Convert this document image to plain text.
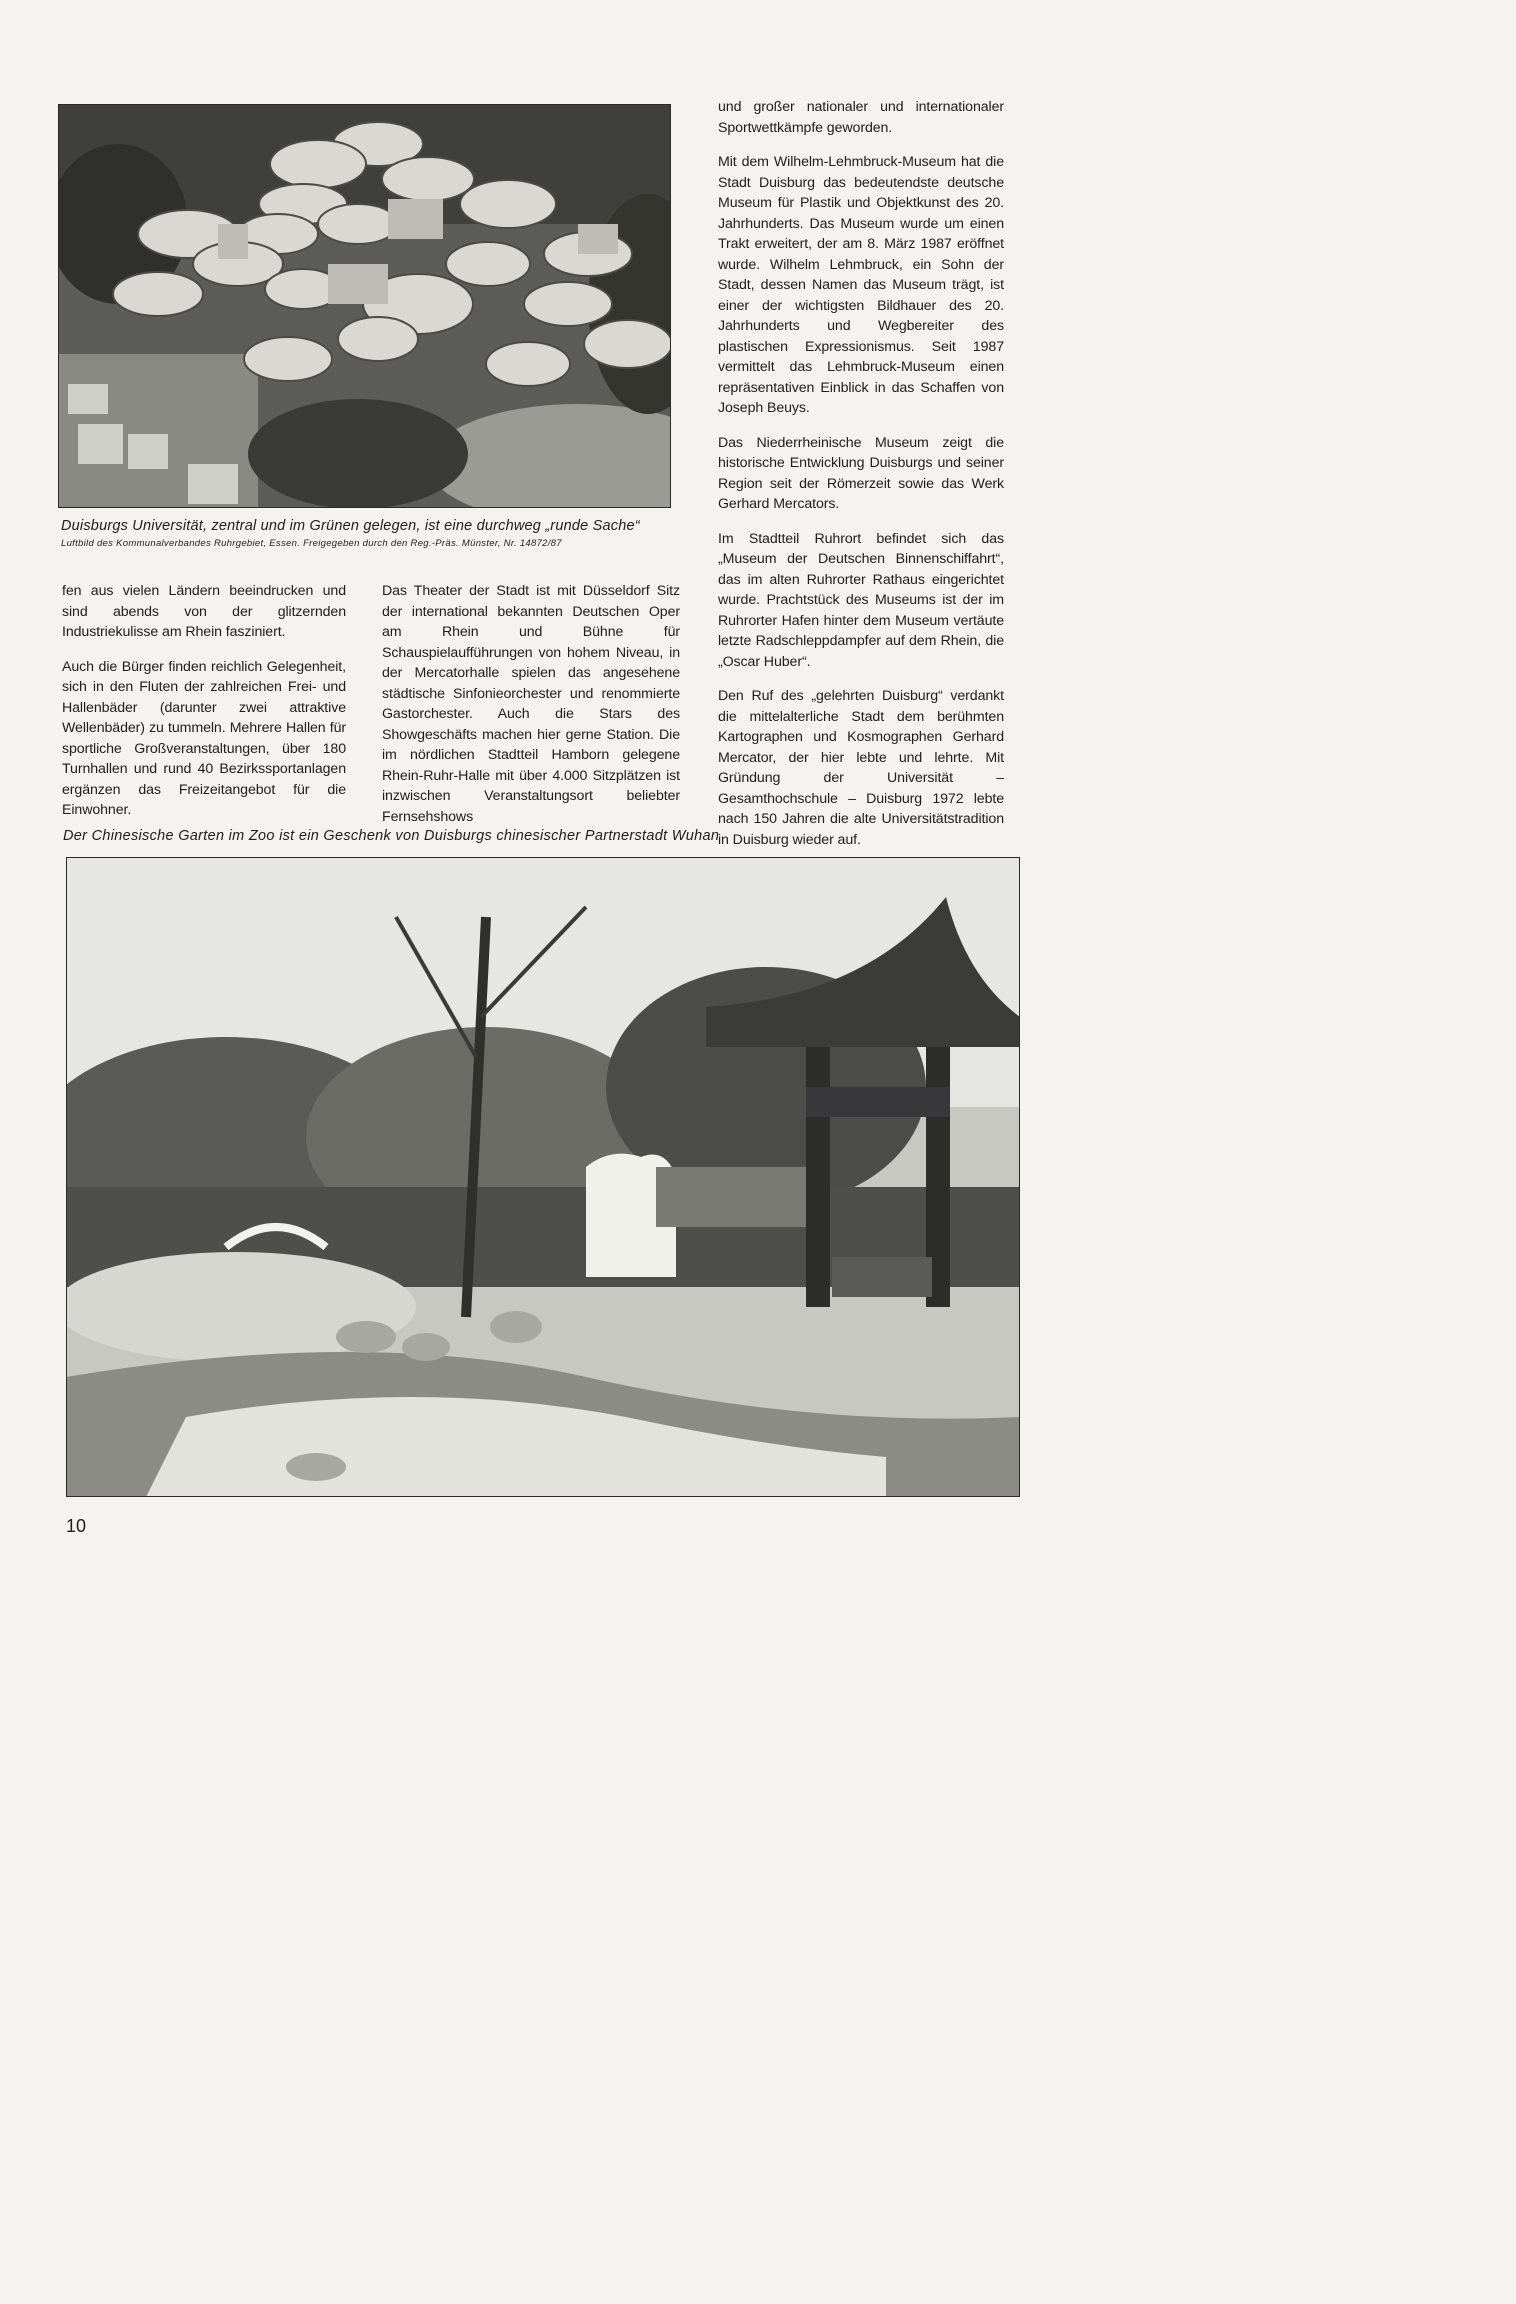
Duisburgs Universität, zentral und im Grünen gelegen, ist eine durchweg „runde Sache“
Luftbild des Kommunalverbandes Ruhrgebiet, Essen. Freigegeben durch den Reg.-Präs. Münster, Nr. 14872/87

fen aus vielen Ländern beeindrucken und sind abends von der glitzernden Industriekulisse am Rhein fasziniert.

Auch die Bürger finden reichlich Gelegenheit, sich in den Fluten der zahlreichen Frei- und Hallenbäder (darunter zwei attraktive Wellenbäder) zu tummeln. Mehrere Hallen für sportliche Großveranstaltungen, über 180 Turnhallen und rund 40 Bezirkssportanlagen ergänzen das Freizeitangebot für die Einwohner.

Das Theater der Stadt ist mit Düsseldorf Sitz der international bekannten Deutschen Oper am Rhein und Bühne für Schauspielaufführungen von hohem Niveau, in der Mercatorhalle spielen das angesehene städtische Sinfonieorchester und renommierte Gastorchester. Auch die Stars des Showgeschäfts machen hier gerne Station. Die im nördlichen Stadtteil Hamborn gelegene Rhein-Ruhr-Halle mit über 4.000 Sitzplätzen ist inzwischen Veranstaltungsort beliebter Fernsehshows

und großer nationaler und internationaler Sportwettkämpfe geworden.

Mit dem Wilhelm-Lehmbruck-Museum hat die Stadt Duisburg das bedeutendste deutsche Museum für Plastik und Objektkunst des 20. Jahrhunderts. Das Museum wurde um einen Trakt erweitert, der am 8. März 1987 eröffnet wurde. Wilhelm Lehmbruck, ein Sohn der Stadt, dessen Namen das Museum trägt, ist einer der wichtigsten Bildhauer des 20. Jahrhunderts und Wegbereiter des plastischen Expressionismus. Seit 1987 vermittelt das Lehmbruck-Museum einen repräsentativen Einblick in das Schaffen von Joseph Beuys.

Das Niederrheinische Museum zeigt die historische Entwicklung Duisburgs und seiner Region seit der Römerzeit sowie das Werk Gerhard Mercators.

Im Stadtteil Ruhrort befindet sich das „Museum der Deutschen Binnenschiffahrt“, das im alten Ruhrorter Rathaus eingerichtet wurde. Prachtstück des Museums ist der im Ruhrorter Hafen hinter dem Museum vertäute letzte Radschleppdampfer auf dem Rhein, die „Oscar Huber“.

Den Ruf des „gelehrten Duisburg“ verdankt die mittelalterliche Stadt dem berühmten Kartographen und Kosmographen Gerhard Mercator, der hier lebte und lehrte. Mit Gründung der Universität – Gesamthochschule – Duisburg 1972 lebte nach 150 Jahren die alte Universitätstradition in Duisburg wieder auf.

Der Chinesische Garten im Zoo ist ein Geschenk von Duisburgs chinesischer Partnerstadt Wuhan
10
